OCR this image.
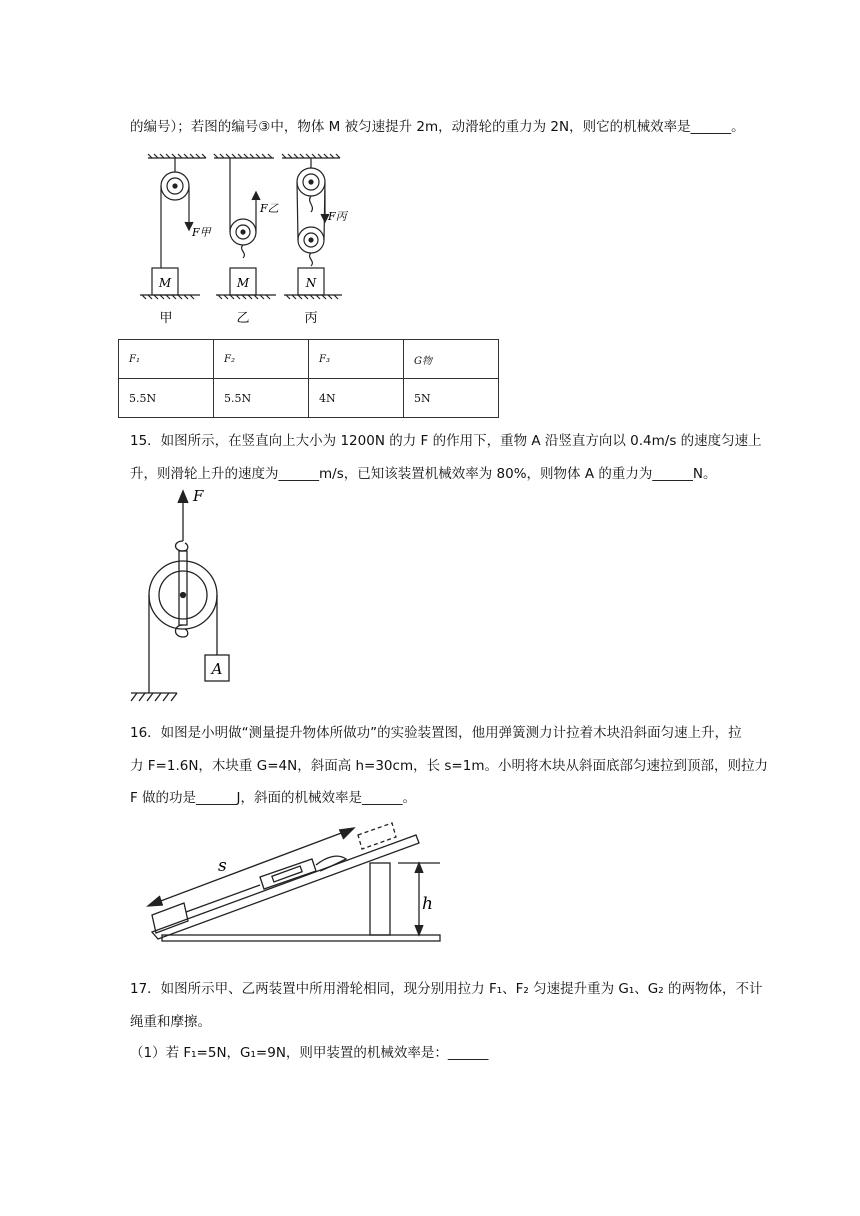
的编号）；若图的编号③中，物体 M 被匀速提升 2m，动滑轮的重力为 2N，则它的机械效率是______。
M	M	N
F甲
F乙
F丙
甲	乙	丙
F₁	F₂	F₃	G物
5.5N	5.5N	4N	5N
15．如图所示，在竖直向上大小为 1200N 的力 F 的作用下，重物 A 沿竖直方向以 0.4m/s 的速度匀速上
升，则滑轮上升的速度为______m/s，已知该装置机械效率为 80%，则物体 A 的重力为______N。
F
A
16．如图是小明做“测量提升物体所做功”的实验装置图，他用弹簧测力计拉着木块沿斜面匀速上升，拉
力 F=1.6N，木块重 G=4N，斜面高 h=30cm，长 s=1m。小明将木块从斜面底部匀速拉到顶部，则拉力
F 做的功是______J，斜面的机械效率是______。
s
h
17．如图所示甲、乙两装置中所用滑轮相同，现分别用拉力 F₁、F₂ 匀速提升重为 G₁、G₂ 的两物体，不计
绳重和摩擦。
（1）若 F₁=5N，G₁=9N，则甲装置的机械效率是：______
